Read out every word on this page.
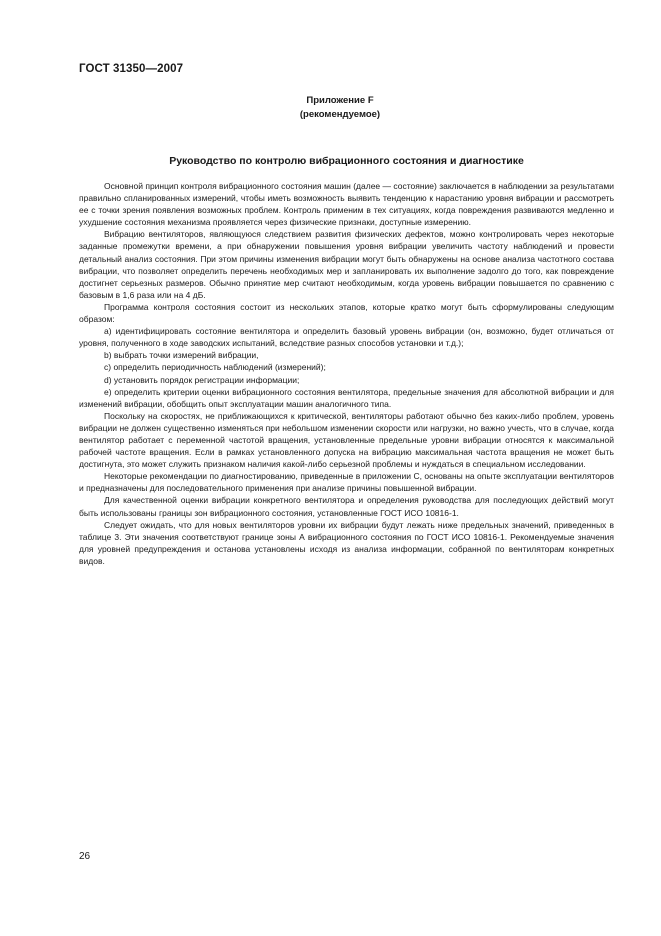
ГОСТ 31350—2007
Приложение F
(рекомендуемое)
Руководство по контролю вибрационного состояния и диагностике

Основной принцип контроля вибрационного состояния машин (далее — состояние) заключается в наблюдении за результатами правильно спланированных измерений, чтобы иметь возможность выявить тенденцию к нарастанию уровня вибрации и рассмотреть ее с точки зрения появления возможных проблем. Контроль применим в тех ситуациях, когда повреждения развиваются медленно и ухудшение состояния механизма проявляется через физические признаки, доступные измерению.

Вибрацию вентиляторов, являющуюся следствием развития физических дефектов, можно контролировать через некоторые заданные промежутки времени, а при обнаружении повышения уровня вибрации увеличить частоту наблюдений и провести детальный анализ состояния. При этом причины изменения вибрации могут быть обнаружены на основе анализа частотного состава вибрации, что позволяет определить перечень необходимых мер и запланировать их выполнение задолго до того, как повреждение достигнет серьезных размеров. Обычно принятие мер считают необходимым, когда уровень вибрации повышается по сравнению с базовым в 1,6 раза или на 4 дБ.

Программа контроля состояния состоит из нескольких этапов, которые кратко могут быть сформулированы следующим образом:

a) идентифицировать состояние вентилятора и определить базовый уровень вибрации (он, возможно, будет отличаться от уровня, полученного в ходе заводских испытаний, вследствие разных способов установки и т.д.);

b) выбрать точки измерений вибрации,

c) определить периодичность наблюдений (измерений);

d) установить порядок регистрации информации;

e) определить критерии оценки вибрационного состояния вентилятора, предельные значения для абсолютной вибрации и для изменений вибрации, обобщить опыт эксплуатации машин аналогичного типа.

Поскольку на скоростях, не приближающихся к критической, вентиляторы работают обычно без каких-либо проблем, уровень вибрации не должен существенно изменяться при небольшом изменении скорости или нагрузки, но важно учесть, что в случае, когда вентилятор работает с переменной частотой вращения, установленные предельные уровни вибрации относятся к максимальной рабочей частоте вращения. Если в рамках установленного допуска на вибрацию максимальная частота вращения не может быть достигнута, это может служить признаком наличия какой-либо серьезной проблемы и нуждаться в специальном исследовании.

Некоторые рекомендации по диагностированию, приведенные в приложении С, основаны на опыте эксплуатации вентиляторов и предназначены для последовательного применения при анализе причины повышенной вибрации.

Для качественной оценки вибрации конкретного вентилятора и определения руководства для последующих действий могут быть использованы границы зон вибрационного состояния, установленные ГОСТ ИСО 10816-1.

Следует ожидать, что для новых вентиляторов уровни их вибрации будут лежать ниже предельных значений, приведенных в таблице 3. Эти значения соответствуют границе зоны А вибрационного состояния по ГОСТ ИСО 10816-1. Рекомендуемые значения для уровней предупреждения и останова установлены исходя из анализа информации, собранной по вентиляторам конкретных видов.

26
